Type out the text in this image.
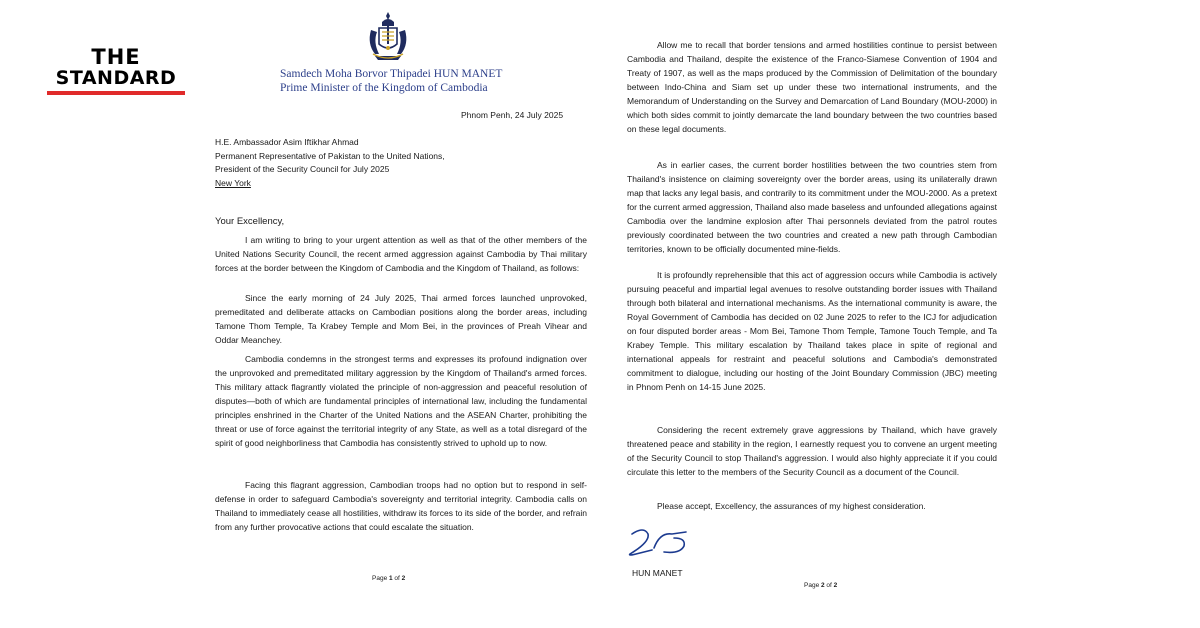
THE
STANDARD	Samdech Moha Borvor Thipadei HUN MANET
Prime Minister of the Kingdom of Cambodia
Phnom Penh, 24 July 2025
H.E. Ambassador Asim Iftikhar Ahmad
Permanent Representative of Pakistan to the United Nations,
President of the Security Council for July 2025
New York
Your Excellency,

I am writing to bring to your urgent attention as well as that of the other members of the United Nations Security Council, the recent armed aggression against Cambodia by Thai military forces at the border between the Kingdom of Cambodia and the Kingdom of Thailand, as follows:

Since the early morning of 24 July 2025, Thai armed forces launched unprovoked, premeditated and deliberate attacks on Cambodian positions along the border areas, including Tamone Thom Temple, Ta Krabey Temple and Mom Bei, in the provinces of Preah Vihear and Oddar Meanchey.

Cambodia condemns in the strongest terms and expresses its profound indignation over the unprovoked and premeditated military aggression by the Kingdom of Thailand's armed forces. This military attack flagrantly violated the principle of non-aggression and peaceful resolution of disputes—both of which are fundamental principles of international law, including the fundamental principles enshrined in the Charter of the United Nations and the ASEAN Charter, prohibiting the threat or use of force against the territorial integrity of any State, as well as a total disregard of the spirit of good neighborliness that Cambodia has consistently strived to uphold up to now.

Facing this flagrant aggression, Cambodian troops had no option but to respond in self-defense in order to safeguard Cambodia's sovereignty and territorial integrity. Cambodia calls on Thailand to immediately cease all hostilities, withdraw its forces to its side of the border, and refrain from any further provocative actions that could escalate the situation.

Page 1 of 2

Allow me to recall that border tensions and armed hostilities continue to persist between Cambodia and Thailand, despite the existence of the Franco-Siamese Convention of 1904 and Treaty of 1907, as well as the maps produced by the Commission of Delimitation of the boundary between Indo-China and Siam set up under these two international instruments, and the Memorandum of Understanding on the Survey and Demarcation of Land Boundary (MOU-2000) in which both sides commit to jointly demarcate the land boundary between the two countries based on these legal documents.

As in earlier cases, the current border hostilities between the two countries stem from Thailand's insistence on claiming sovereignty over the border areas, using its unilaterally drawn map that lacks any legal basis, and contrarily to its commitment under the MOU-2000. As a pretext for the current armed aggression, Thailand also made baseless and unfounded allegations against Cambodia over the landmine explosion after Thai personnels deviated from the patrol routes previously coordinated between the two countries and created a new path through Cambodian territories, known to be officially documented mine-fields.

It is profoundly reprehensible that this act of aggression occurs while Cambodia is actively pursuing peaceful and impartial legal avenues to resolve outstanding border issues with Thailand through both bilateral and international mechanisms. As the international community is aware, the Royal Government of Cambodia has decided on 02 June 2025 to refer to the ICJ for adjudication on four disputed border areas - Mom Bei, Tamone Thom Temple, Tamone Touch Temple, and Ta Krabey Temple. This military escalation by Thailand takes place in spite of regional and international appeals for restraint and peaceful solutions and Cambodia's demonstrated commitment to dialogue, including our hosting of the Joint Boundary Commission (JBC) meeting in Phnom Penh on 14-15 June 2025.

Considering the recent extremely grave aggressions by Thailand, which have gravely threatened peace and stability in the region, I earnestly request you to convene an urgent meeting of the Security Council to stop Thailand's aggression. I would also highly appreciate it if you could circulate this letter to the members of the Security Council as a document of the Council.

Please accept, Excellency, the assurances of my highest consideration.

HUN MANET
Page 2 of 2
